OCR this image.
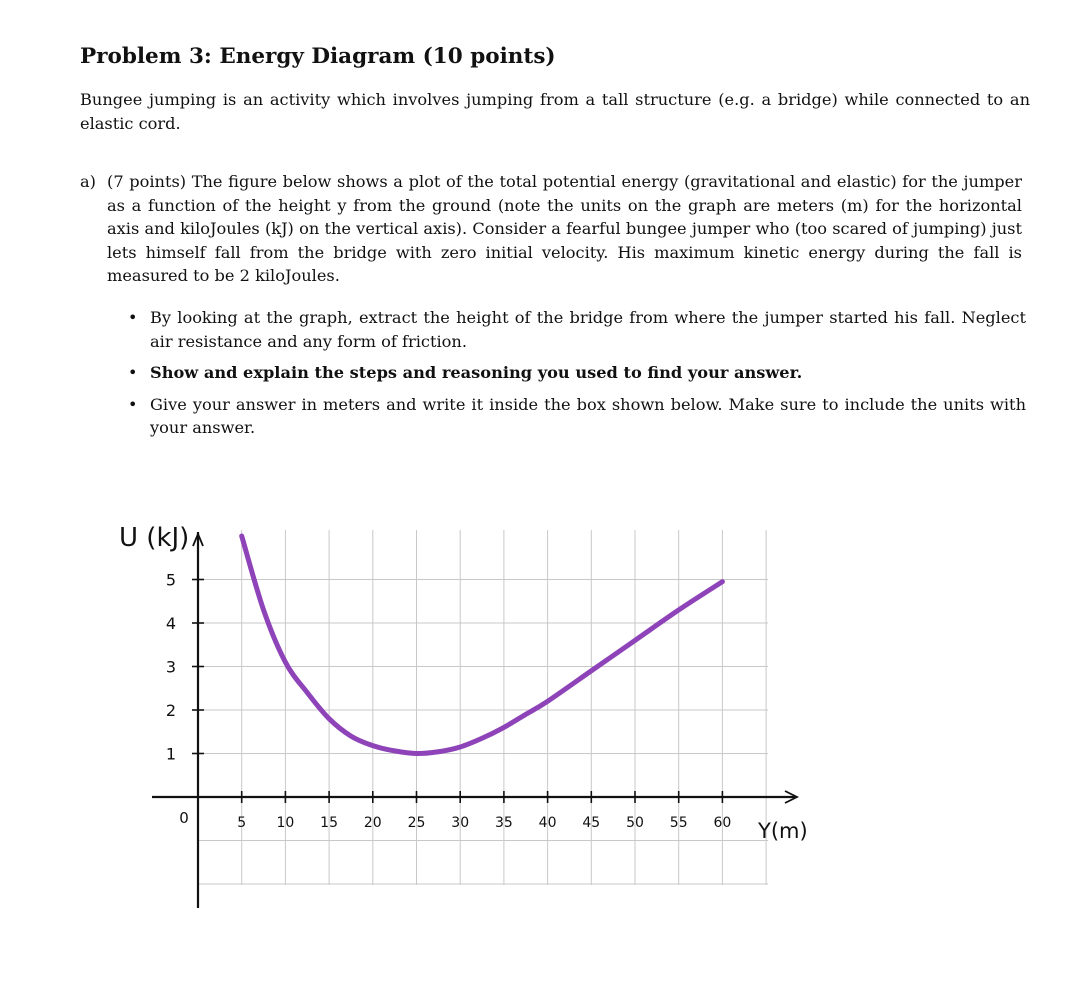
Problem 3: Energy Diagram (10 points)

Bungee jumping is an activity which involves jumping from a tall structure (e.g. a bridge) while connected to an elastic cord.

a) (7 points) The figure below shows a plot of the total potential energy (gravitational and elastic) for the jumper as a function of the height y from the ground (note the units on the graph are meters (m) for the horizontal axis and kiloJoules (kJ) on the vertical axis). Consider a fearful bungee jumper who (too scared of jumping) just lets himself fall from the bridge with zero initial velocity. His maximum kinetic energy during the fall is measured to be 2 kiloJoules.
• By looking at the graph, extract the height of the bridge from where the jumper started his fall. Neglect air resistance and any form of friction.
• Show and explain the steps and reasoning you used to find your answer.
• Give your answer in meters and write it inside the box shown below. Make sure to include the units with your answer.
5 10 15 20 25 30 35 40 45 50 55 60
1
2
3
4
5
0
U (kJ)
Y(m)
